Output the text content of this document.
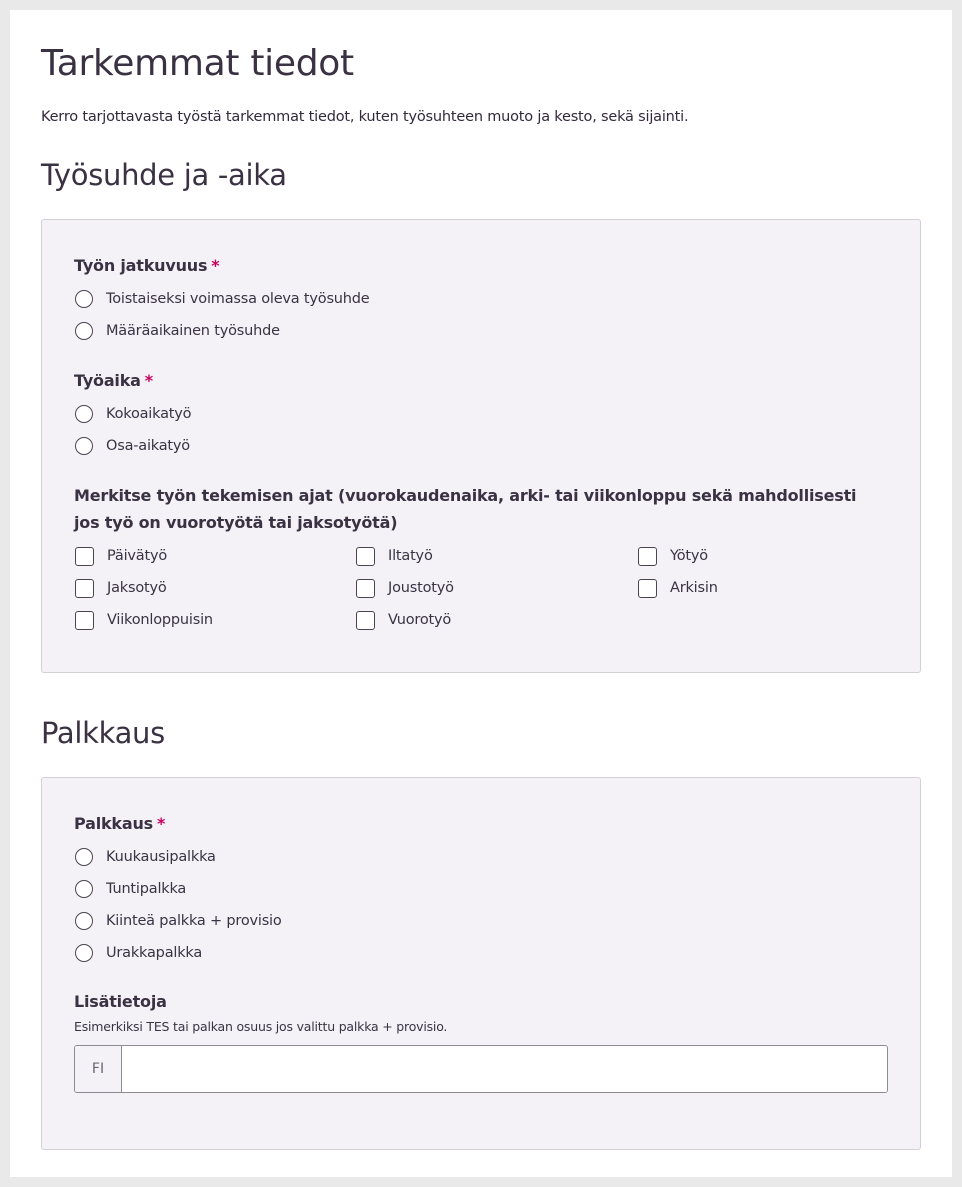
Tarkemmat tiedot

Kerro tarjottavasta työstä tarkemmat tiedot, kuten työsuhteen muoto ja kesto, sekä sijainti.

Työsuhde ja -aika
Työn jatkuvuus *
Toistaiseksi voimassa oleva työsuhde
Määräaikainen työsuhde
Työaika *
Kokoaikatyö
Osa-aikatyö
Merkitse työn tekemisen ajat (vuorokaudenaika, arki- tai viikonloppu sekä mahdollisesti jos työ on vuorotyötä tai jaksotyötä)
Päivätyö	Iltatyö	Yötyö
Jaksotyö	Joustotyö	Arkisin
Viikonloppuisin	Vuorotyö
Palkkaus
Palkkaus *
Kuukausipalkka
Tuntipalkka
Kiinteä palkka + provisio
Urakkapalkka
Lisätietoja

Esimerkiksi TES tai palkan osuus jos valittu palkka + provisio.

FI
